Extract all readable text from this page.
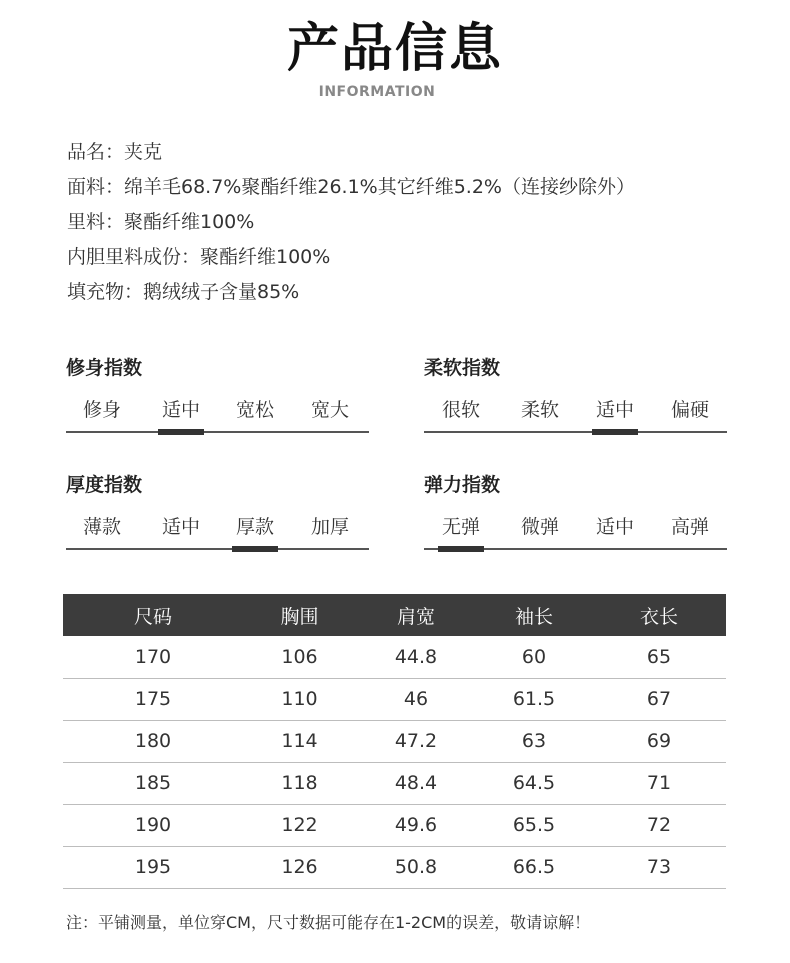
产品信息
INFORMATION
品名：夹克
面料：绵羊毛68.7%聚酯纤维26.1%其它纤维5.2%（连接纱除外）
里料：聚酯纤维100%
内胆里料成份：聚酯纤维100%
填充物：鹅绒绒子含量85%
修身指数
修身 适中 宽松 宽大
柔软指数
很软 柔软 适中 偏硬
厚度指数
薄款 适中 厚款 加厚
弹力指数
无弹 微弹 适中 高弹
尺码	胸围	肩宽	袖长	衣长
170	106	44.8	60	65
175	110	46	61.5	67
180	114	47.2	63	69
185	118	48.4	64.5	71
190	122	49.6	65.5	72
195	126	50.8	66.5	73
注：平铺测量，单位穿CM，尺寸数据可能存在1-2CM的误差，敬请谅解！
